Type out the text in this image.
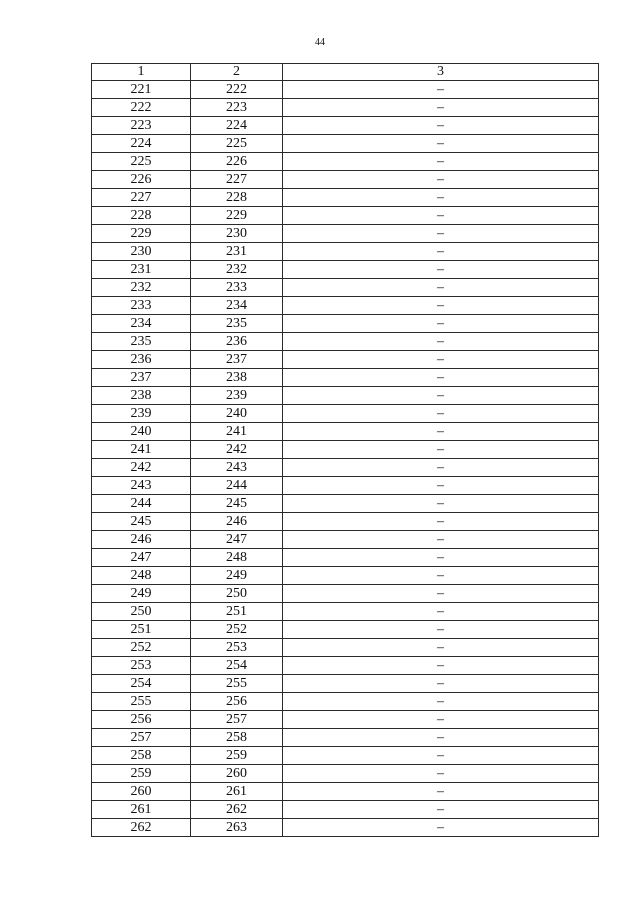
44
1	2	3
221	222	–
222	223	–
223	224	–
224	225	–
225	226	–
226	227	–
227	228	–
228	229	–
229	230	–
230	231	–
231	232	–
232	233	–
233	234	–
234	235	–
235	236	–
236	237	–
237	238	–
238	239	–
239	240	–
240	241	–
241	242	–
242	243	–
243	244	–
244	245	–
245	246	–
246	247	–
247	248	–
248	249	–
249	250	–
250	251	–
251	252	–
252	253	–
253	254	–
254	255	–
255	256	–
256	257	–
257	258	–
258	259	–
259	260	–
260	261	–
261	262	–
262	263	–
